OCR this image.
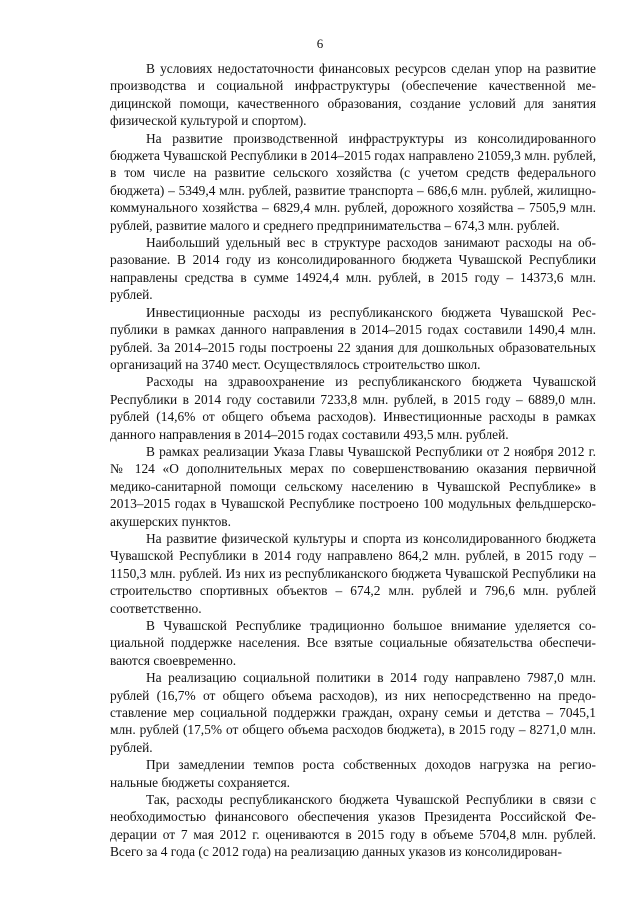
6

В условиях недостаточности финансовых ресурсов сделан упор на развитие производства и социальной инфраструктуры (обеспечение качественной медицинской помощи, качественного образования, создание условий для занятия физической культурой и спортом).

На развитие производственной инфраструктуры из консолидированного бюджета Чувашской Республики в 2014–2015 годах направлено 21059,3 млн. рублей, в том числе на развитие сельского хозяйства (с учетом средств федерального бюджета) – 5349,4 млн. рублей, развитие транспорта – 686,6 млн. рублей, жилищно-коммунального хозяйства – 6829,4 млн. рублей, дорожного хозяйства – 7505,9 млн. рублей, развитие малого и среднего предпринимательства – 674,3 млн. рублей.

Наибольший удельный вес в структуре расходов занимают расходы на образование. В 2014 году из консолидированного бюджета Чувашской Республики направлены средства в сумме 14924,4 млн. рублей, в 2015 году – 14373,6 млн. рублей.

Инвестиционные расходы из республиканского бюджета Чувашской Республики в рамках данного направления в 2014–2015 годах составили 1490,4 млн. рублей. За 2014–2015 годы построены 22 здания для дошкольных образовательных организаций на 3740 мест. Осуществлялось строительство школ.

Расходы на здравоохранение из республиканского бюджета Чувашской Республики в 2014 году составили 7233,8 млн. рублей, в 2015 году – 6889,0 млн. рублей (14,6% от общего объема расходов). Инвестиционные расходы в рамках данного направления в 2014–2015 годах составили 493,5 млн. рублей.

В рамках реализации Указа Главы Чувашской Республики от 2 ноября 2012 г. № 124 «О дополнительных мерах по совершенствованию оказания первичной медико-санитарной помощи сельскому населению в Чувашской Республике» в 2013–2015 годах в Чувашской Республике построено 100 модульных фельдшерско-акушерских пунктов.

На развитие физической культуры и спорта из консолидированного бюджета Чувашской Республики в 2014 году направлено 864,2 млн. рублей, в 2015 году – 1150,3 млн. рублей. Из них из республиканского бюджета Чувашской Республики на строительство спортивных объектов – 674,2 млн. рублей и 796,6 млн. рублей соответственно.

В Чувашской Республике традиционно большое внимание уделяется социальной поддержке населения. Все взятые социальные обязательства обеспечиваются своевременно.

На реализацию социальной политики в 2014 году направлено 7987,0 млн. рублей (16,7% от общего объема расходов), из них непосредственно на предоставление мер социальной поддержки граждан, охрану семьи и детства – 7045,1 млн. рублей (17,5% от общего объема расходов бюджета), в 2015 году – 8271,0 млн. рублей.

При замедлении темпов роста собственных доходов нагрузка на региональные бюджеты сохраняется.

Так, расходы республиканского бюджета Чувашской Республики в связи с необходимостью финансового обеспечения указов Президента Российской Федерации от 7 мая 2012 г. оцениваются в 2015 году в объеме 5704,8 млн. рублей. Всего за 4 года (с 2012 года) на реализацию данных указов из консолидирован-
